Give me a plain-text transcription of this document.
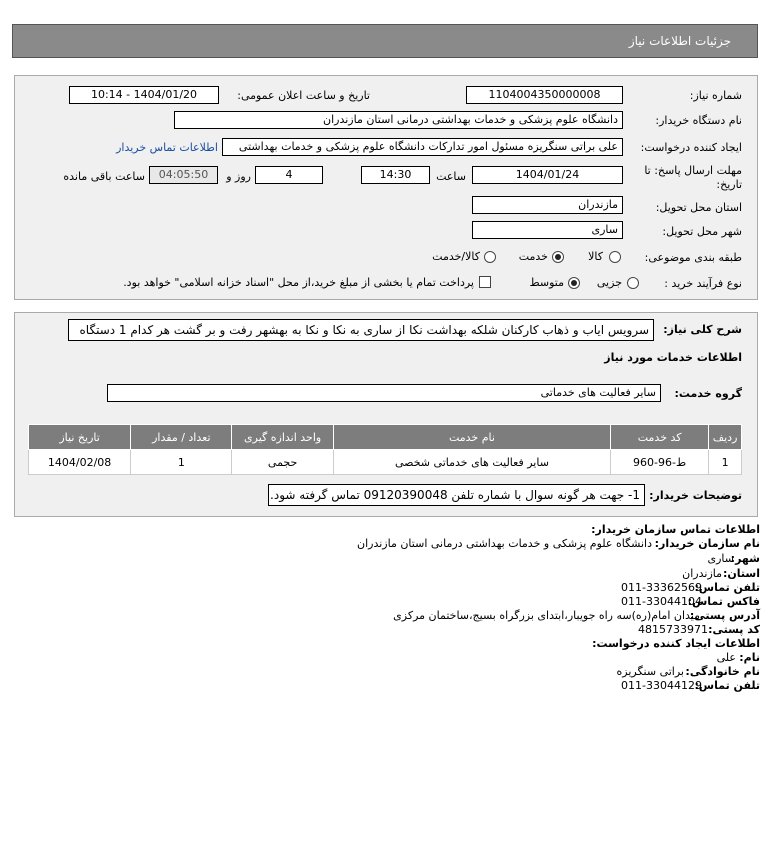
جزئیات اطلاعات نیاز
شماره نیاز:
1104004350000008
تاریخ و ساعت اعلان عمومی:
1404/01/20 - 10:14
نام دستگاه خریدار:
دانشگاه علوم پزشکی و خدمات بهداشتی درمانی استان مازندران
ایجاد کننده درخواست:
علی براتی سنگریزه مسئول امور تدارکات دانشگاه علوم پزشکی و خدمات بهداشتی
اطلاعات تماس خریدار
مهلت ارسال پاسخ: تا تاریخ:
1404/01/24
ساعت
14:30
4
روز و
04:05:50
ساعت باقی مانده
استان محل تحویل:
مازندران
شهر محل تحویل:
ساری
طبقه بندی موضوعی:
کالا
خدمت
کالا/خدمت
نوع فرآیند خرید :
جزیی
متوسط
پرداخت تمام یا بخشی از مبلغ خرید،از محل "اسناد خزانه اسلامی" خواهد بود.
شرح کلی نیاز:
سرویس ایاب و ذهاب کارکنان شلکه بهداشت نکا از ساری به نکا و نکا به بهشهر رفت و بر گشت هر کدام 1 دستگاه
اطلاعات خدمات مورد نیاز
گروه خدمت:
سایر فعالیت های خدماتی
ردیف	کد خدمت	نام خدمت	واحد اندازه گیری	تعداد / مقدار	تاریخ نیاز
1	ط-96-960	سایر فعالیت های خدماتی شخصی	حجمی	1	1404/02/08
توضیحات خریدار:
1- جهت هر گونه سوال با شماره تلفن 09120390048 تماس گرفته شود.
اطلاعات تماس سازمان خریدار:
نام سازمان خریدار:
دانشگاه علوم پزشکی و خدمات بهداشتی درمانی استان مازندران
شهر:
ساری
استان:
مازندران
تلفن تماس:
011-33362569
فاکس تماس:
011-33044104
آدرس پستی:
میدان امام(ره)سه راه جویبار،ابتدای بزرگراه بسیج،ساختمان مرکزی
کد پستی:
4815733971
اطلاعات ایجاد کننده درخواست:
نام:
علی
نام خانوادگی:
براتی سنگریزه
تلفن تماس:
011-33044129
